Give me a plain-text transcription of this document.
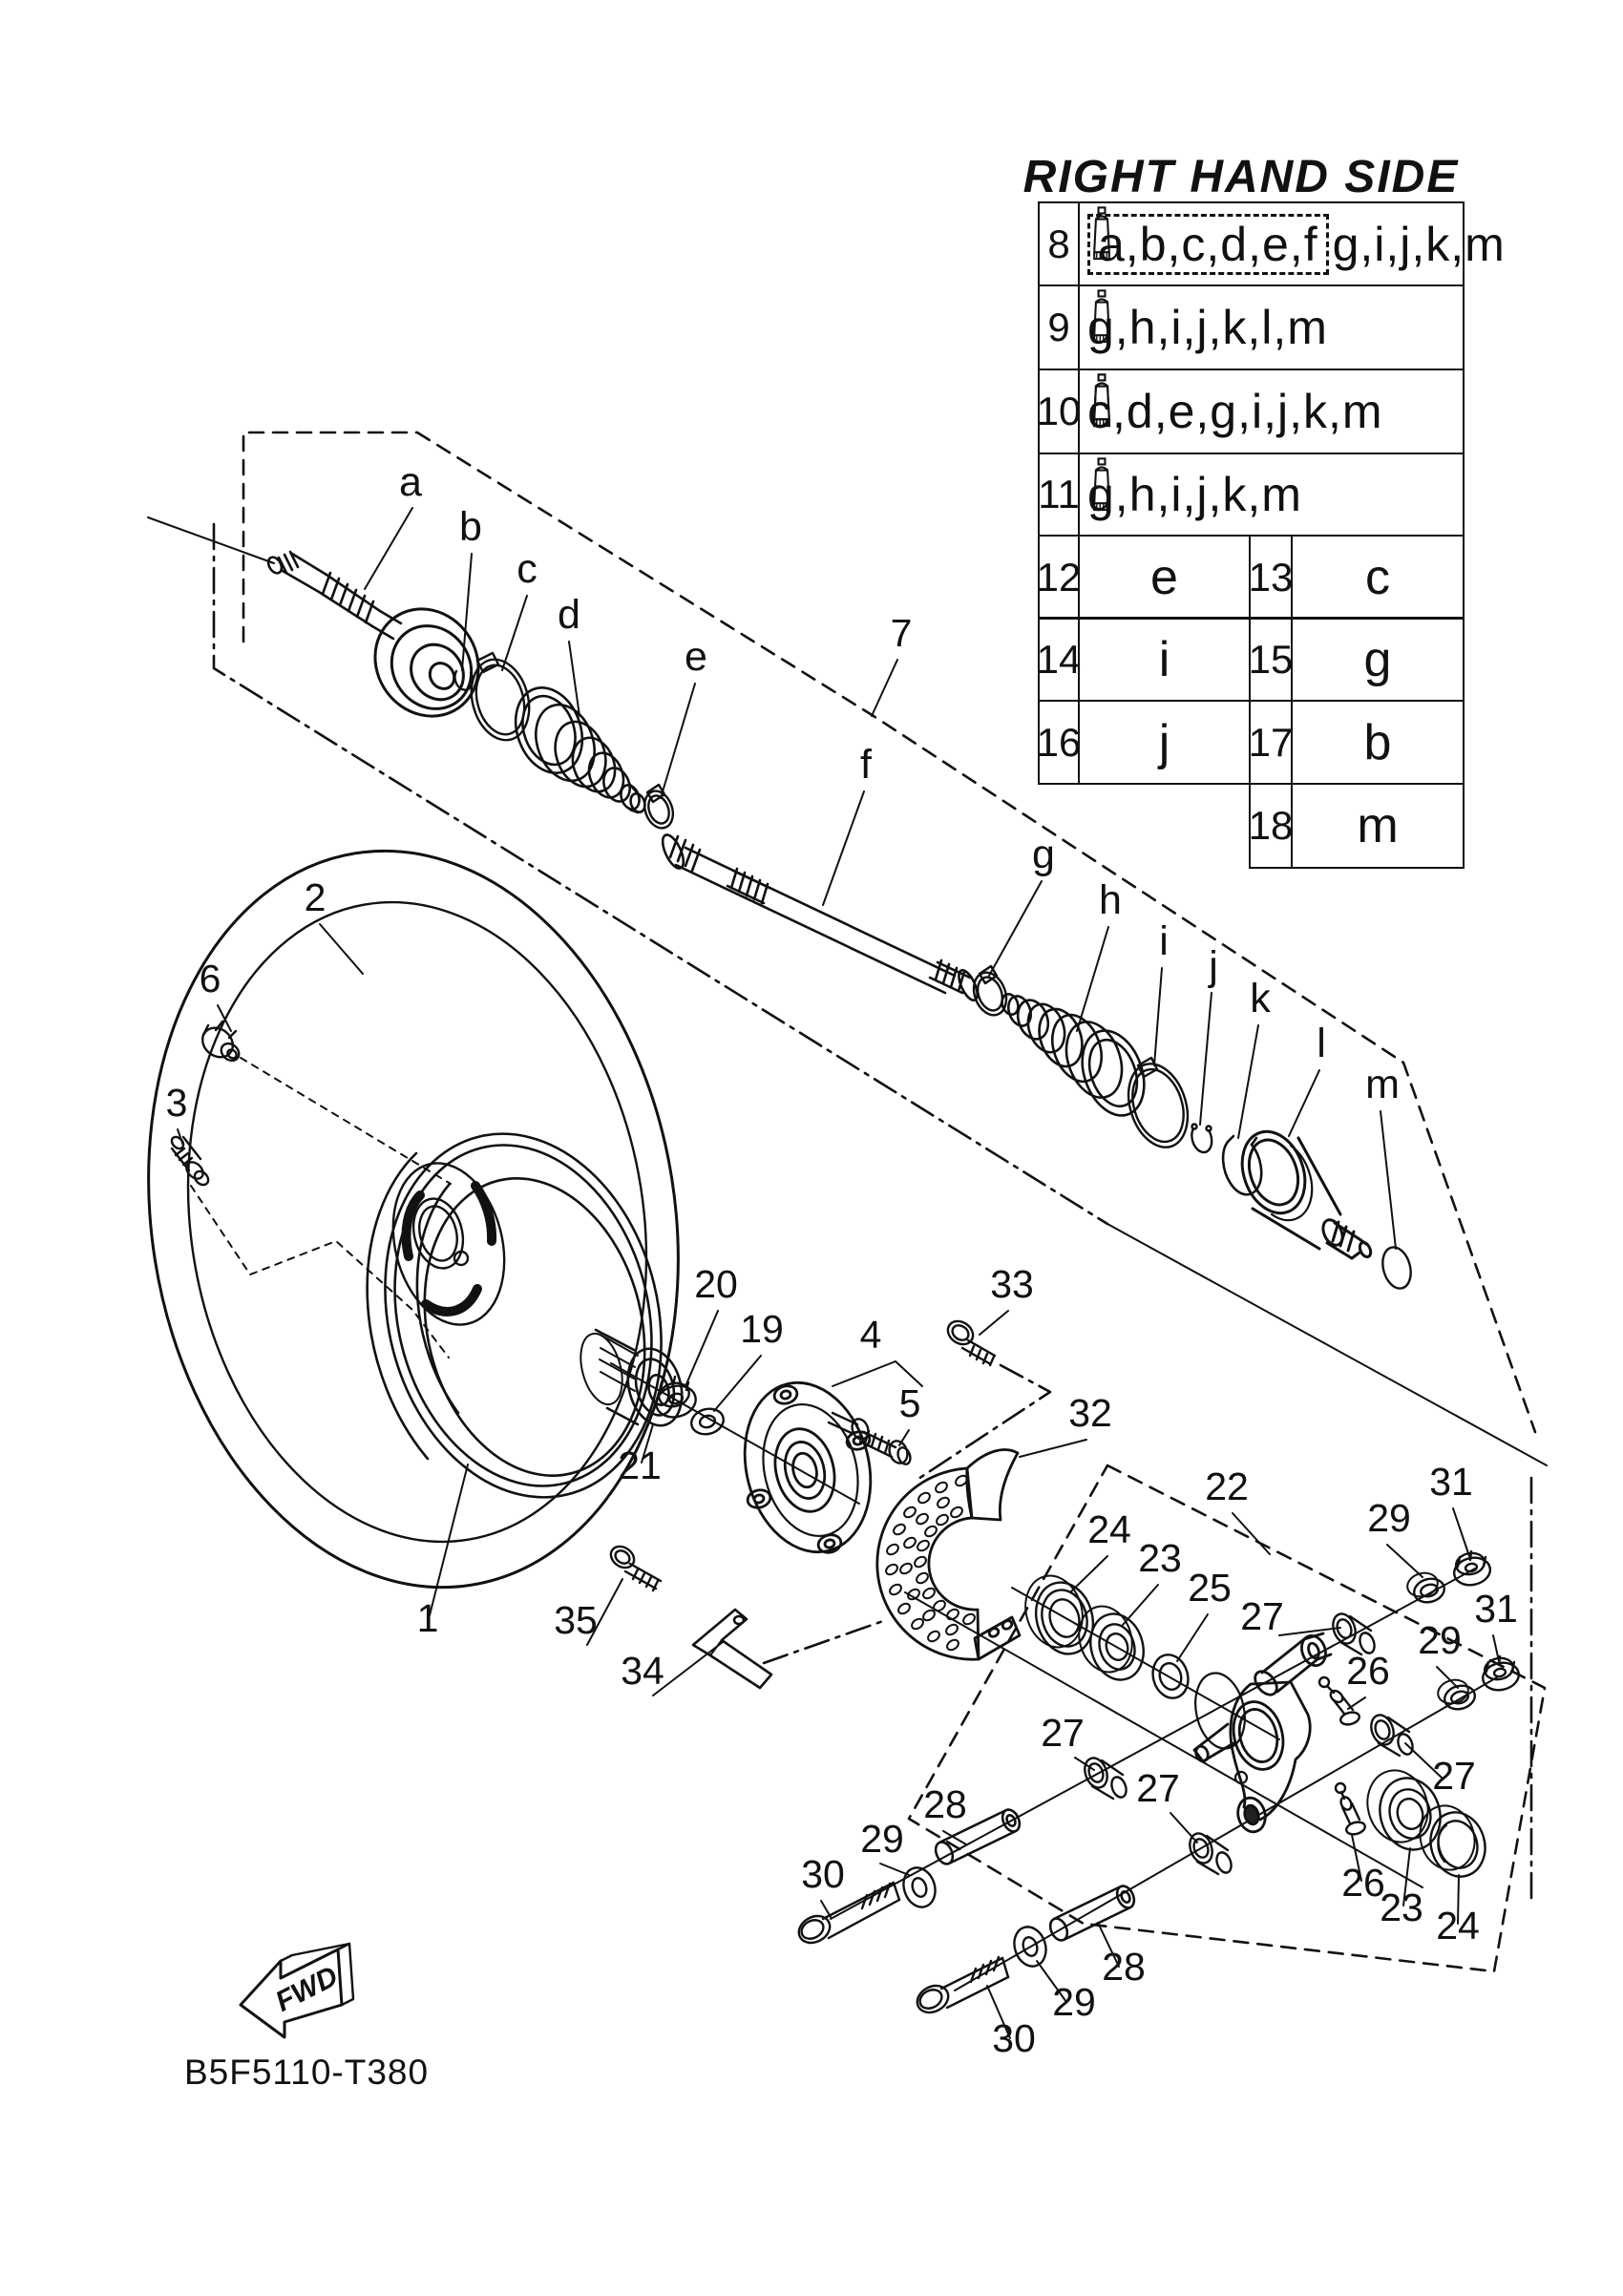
a
b
c
d
e
f
g
h
i
j
k
l
m
7
2
6
3
20
19 4
5
21
1	35
34
33
32
22
24
23
25
27
27
27
27
29
29
29
29
31
31
26
26
28
28
30
30
23 24
FWD
RIGHT HAND SIDE
8 a,b,c,d,e,f g,i,j,k,m
9 g,h,i,j,k,l,m
10 c,d,e,g,i,j,k,m
11 g,h,i,j,k,m
12	e	13	c
14	i	15	g
16	j	17	b
18	m
B5F5110-T380
